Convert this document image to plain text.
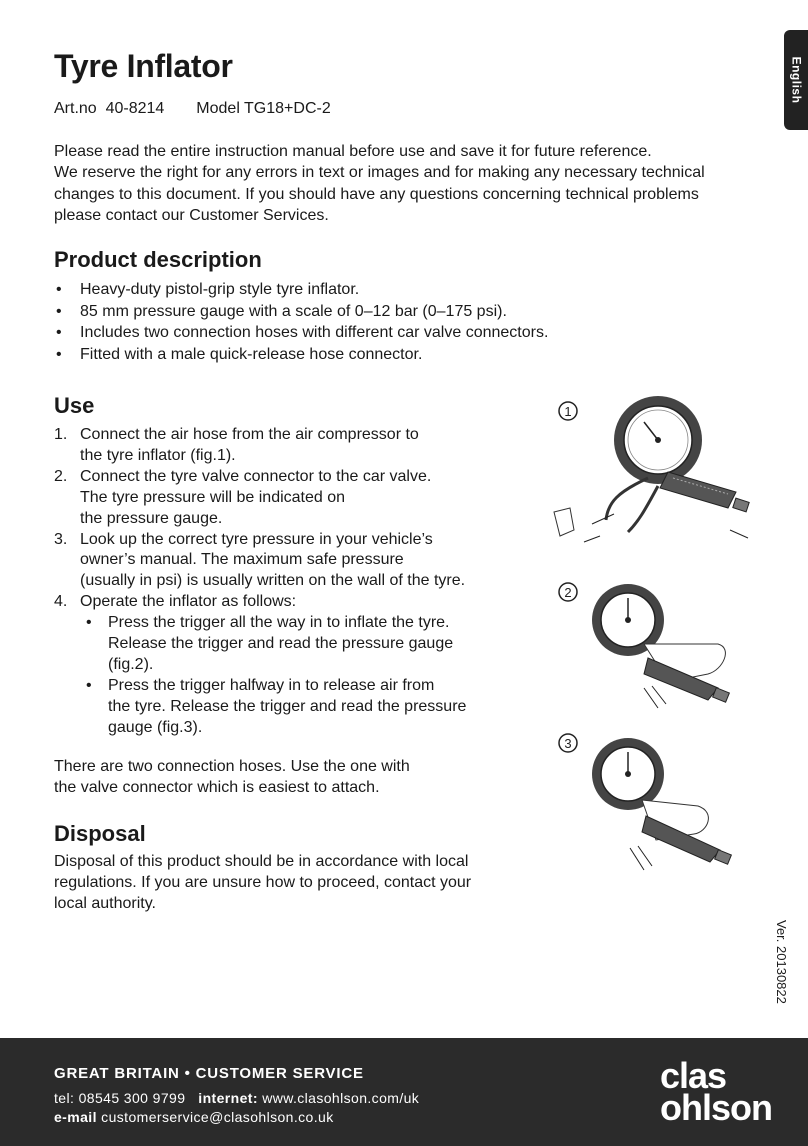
English
Tyre Inflator
Art.no  40-8214 Model TG18+DC-2

Please read the entire instruction manual before use and save it for future reference.
We reserve the right for any errors in text or images and for making any necessary technical
changes to this document. If you should have any questions concerning technical problems
please contact our Customer Services.

Product description
• Heavy-duty pistol-grip style tyre inflator.
• 85 mm pressure gauge with a scale of 0–12 bar (0–175 psi).
• Includes two connection hoses with different car valve connectors.
• Fitted with a male quick-release hose connector.
Use
1. Connect the air hose from the air compressor to
the tyre inflator (fig.1).
2. Connect the tyre valve connector to the car valve.
The tyre pressure will be indicated on
the pressure gauge.
3. Look up the correct tyre pressure in your vehicle’s
owner’s manual. The maximum safe pressure
(usually in psi) is usually written on the wall of the tyre.
4. Operate the inflator as follows:
• Press the trigger all the way in to inflate the tyre.
Release the trigger and read the pressure gauge
(fig.2).
• Press the trigger halfway in to release air from
the tyre. Release the trigger and read the pressure
gauge (fig.3).

There are two connection hoses. Use the one with
the valve connector which is easiest to attach.

Disposal

Disposal of this product should be in accordance with local
regulations. If you are unsure how to proceed, contact your
local authority.

1
2
3
Ver. 20130822

GREAT BRITAIN • CUSTOMER SERVICE

tel: 08545 300 9799 internet: www.clasohlson.com/uk

e-mail customerservice@clasohlson.co.uk

clas
ohlson
